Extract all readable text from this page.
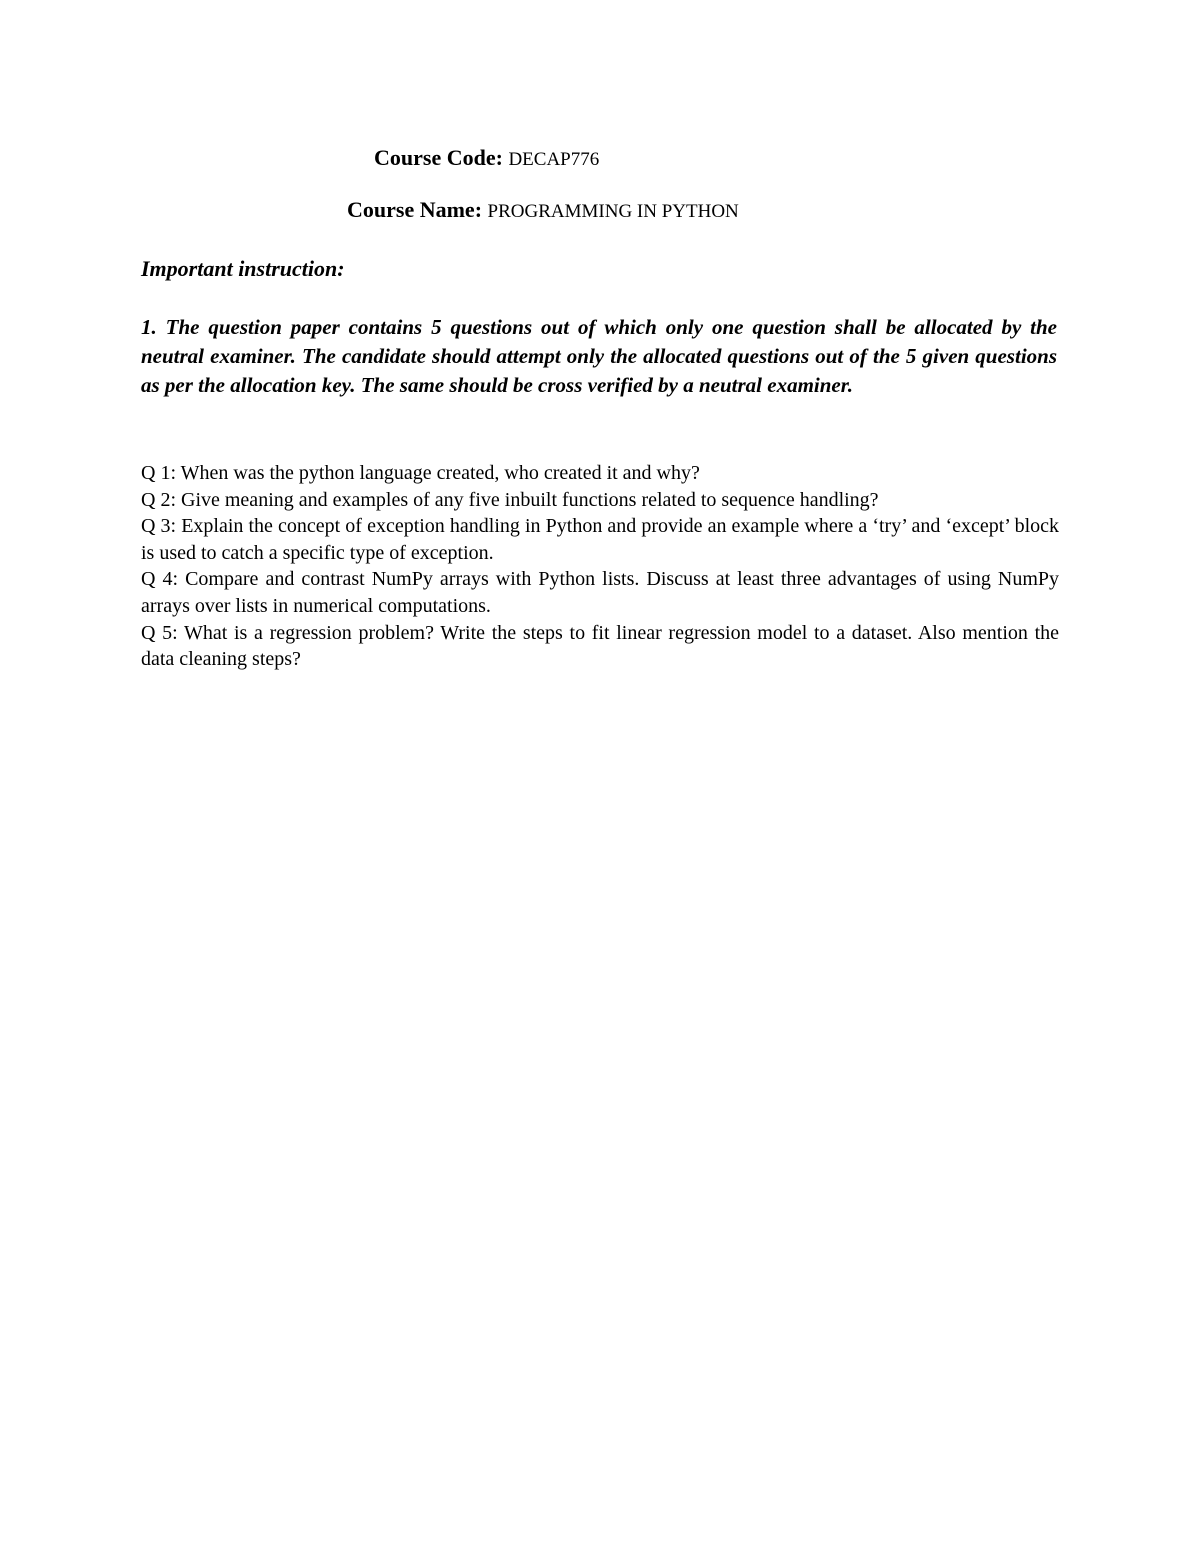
Course Code: DECAP776
Course Name: PROGRAMMING IN PYTHON
Important instruction:
1. The question paper contains 5 questions out of which only one question shall be allocated by the neutral examiner. The candidate should attempt only the allocated questions out of the 5 given questions as per the allocation key. The same should be cross verified by a neutral examiner.

Q 1: When was the python language created, who created it and why?

Q 2: Give meaning and examples of any five inbuilt functions related to sequence handling?

Q 3: Explain the concept of exception handling in Python and provide an example where a ‘try’ and ‘except’ block is used to catch a specific type of exception.

Q 4: Compare and contrast NumPy arrays with Python lists. Discuss at least three advantages of using NumPy arrays over lists in numerical computations.

Q 5: What is a regression problem? Write the steps to fit linear regression model to a dataset. Also mention the data cleaning steps?
